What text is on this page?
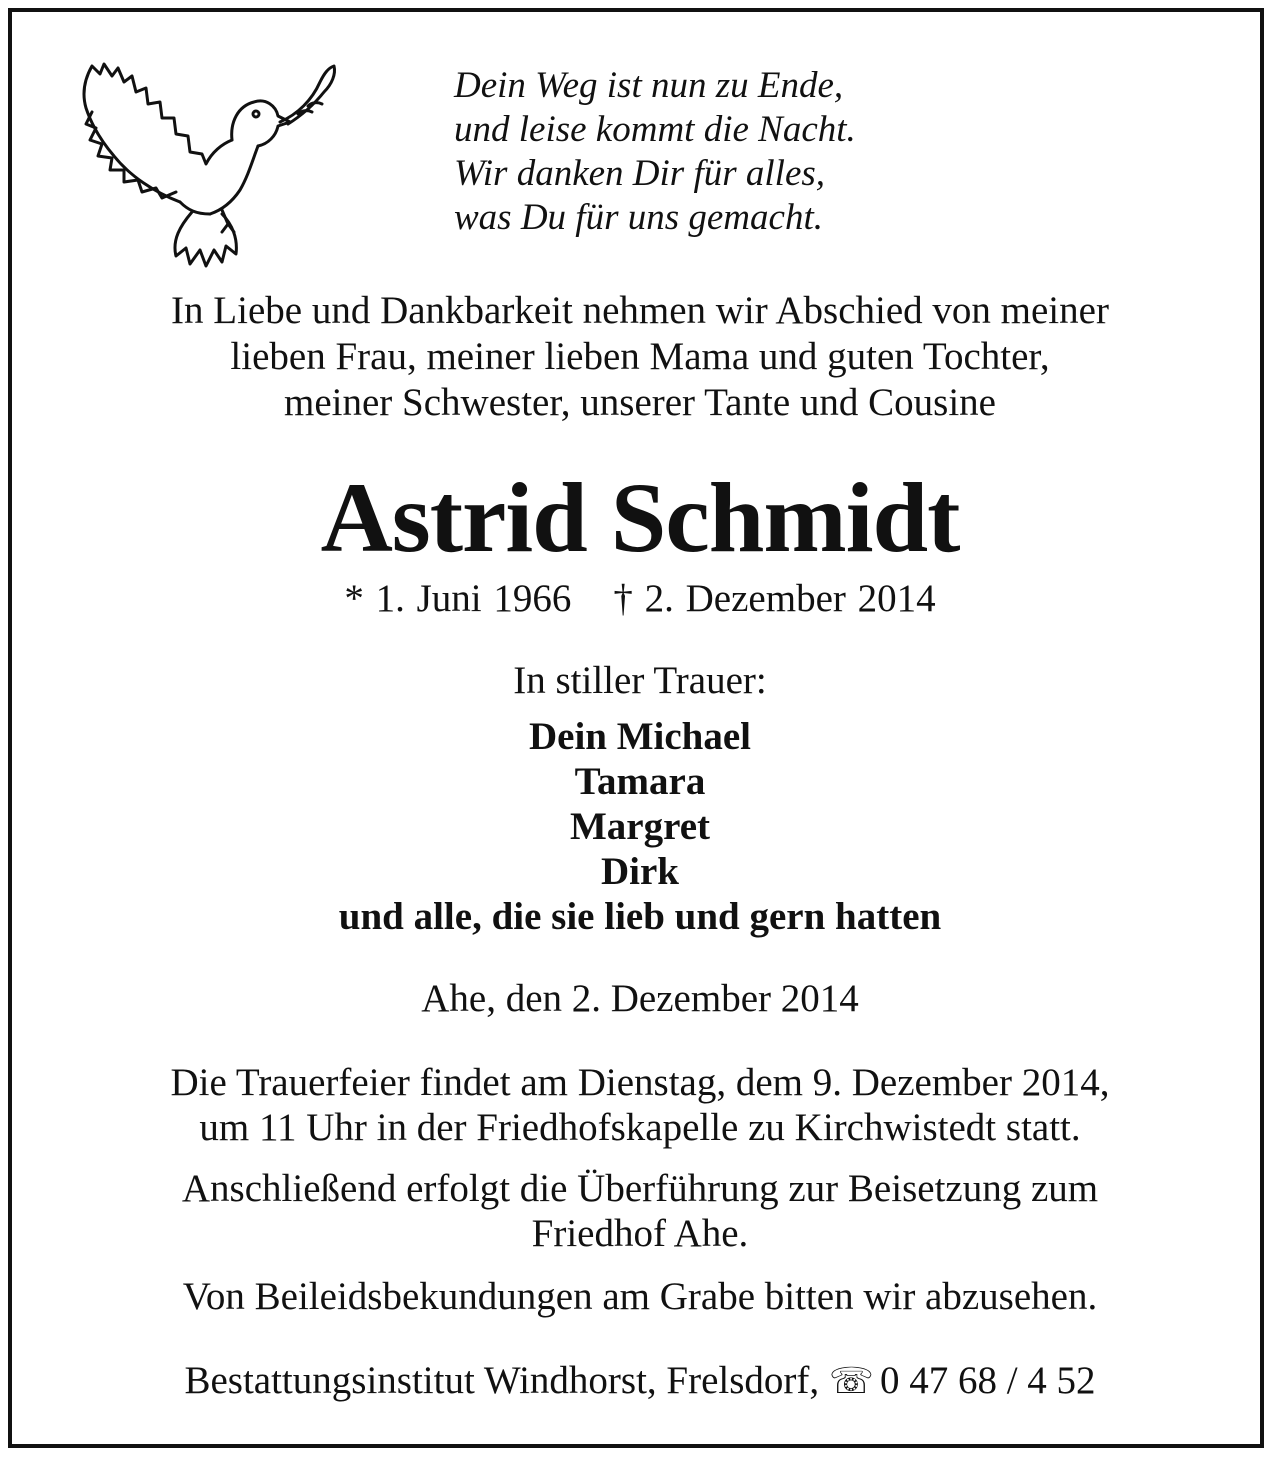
Dein Weg ist nun zu Ende,
und leise kommt die Nacht.
Wir danken Dir für alles,
was Du für uns gemacht.
In Liebe und Dankbarkeit nehmen wir Abschied von meiner
lieben Frau, meiner lieben Mama und guten Tochter,
meiner Schwester, unserer Tante und Cousine
Astrid Schmidt
* 1. Juni 1966 † 2. Dezember 2014
In stiller Trauer:
Dein Michael
Tamara
Margret
Dirk
und alle, die sie lieb und gern hatten
Ahe, den 2. Dezember 2014
Die Trauerfeier findet am Dienstag, dem 9. Dezember 2014,
um 11 Uhr in der Friedhofskapelle zu Kirchwistedt statt.
Anschließend erfolgt die Überführung zur Beisetzung zum
Friedhof Ahe.
Von Beileidsbekundungen am Grabe bitten wir abzusehen.
Bestattungsinstitut Windhorst, Frelsdorf, ☏ 0 47 68 / 4 52
